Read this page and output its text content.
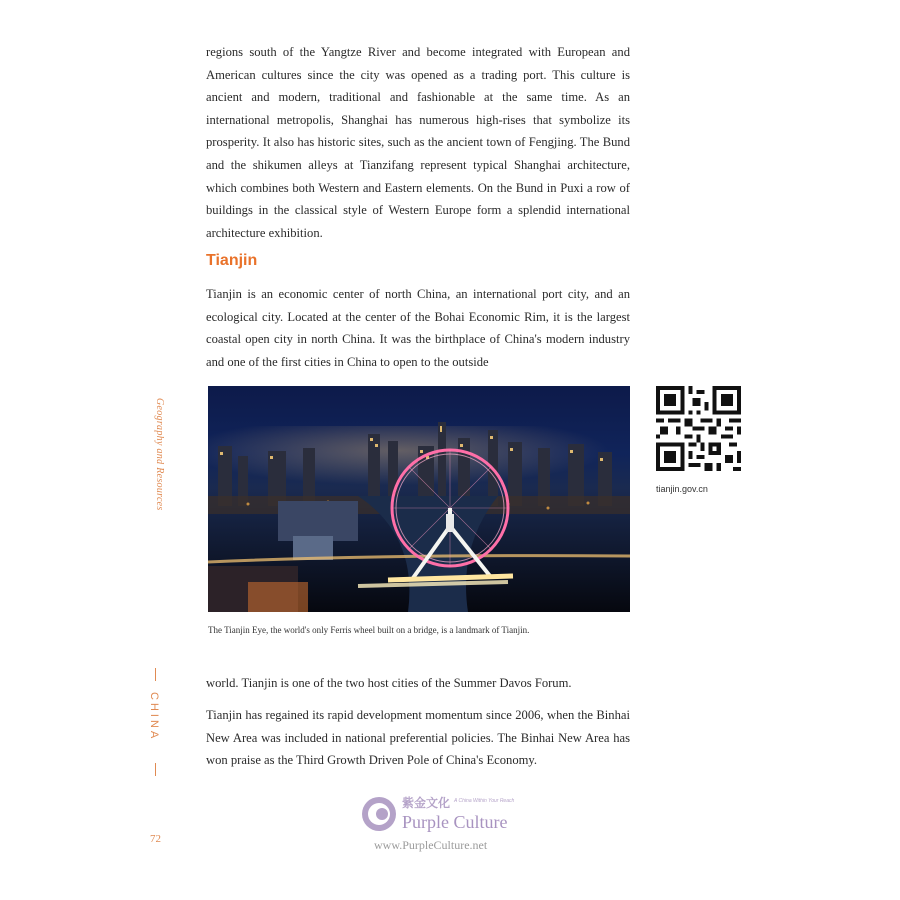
regions south of the Yangtze River and become integrated with European and American cultures since the city was opened as a trading port. This culture is ancient and modern, traditional and fashionable at the same time. As an international metropolis, Shanghai has numerous high-rises that symbolize its prosperity. It also has historic sites, such as the ancient town of Fengjing. The Bund and the shikumen alleys at Tianzifang represent typical Shanghai architecture, which combines both Western and Eastern elements. On the Bund in Puxi a row of buildings in the classical style of Western Europe form a splendid international architecture exhibition.

Tianjin

Tianjin is an economic center of north China, an international port city, and an ecological city. Located at the center of the Bohai Economic Rim, it is the largest coastal open city in north China. It was the birthplace of China's modern industry and one of the first cities in China to open to the outside

The Tianjin Eye, the world's only Ferris wheel built on a bridge, is a landmark of Tianjin.

tianjin.gov.cn

Geography and Resources

CHINA

world. Tianjin is one of the two host cities of the Summer Davos Forum.

Tianjin has regained its rapid development momentum since 2006, when the Binhai New Area was included in national preferential policies. The Binhai New Area has won praise as the Third Growth Driven Pole of China's Economy.

72

紫金文化 A China Within Your Reach

Purple Culture

www.PurpleCulture.net
